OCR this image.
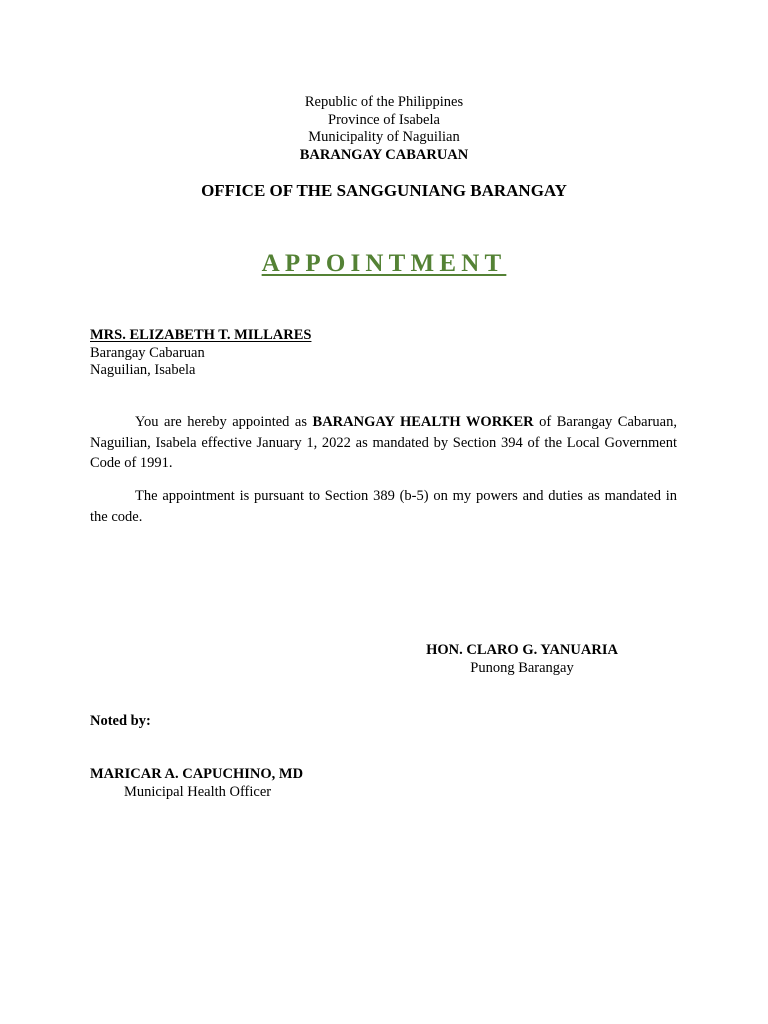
Republic of the Philippines
Province of Isabela
Municipality of Naguilian
BARANGAY CABARUAN
OFFICE OF THE SANGGUNIANG BARANGAY
APPOINTMENT
MRS. ELIZABETH T. MILLARES
Barangay Cabaruan
Naguilian, Isabela
You are hereby appointed as BARANGAY HEALTH WORKER of Barangay Cabaruan, Naguilian, Isabela effective January 1, 2022 as mandated by Section 394 of the Local Government Code of 1991.
The appointment is pursuant to Section 389 (b-5) on my powers and duties as mandated in the code.
HON. CLARO G. YANUARIA
Punong Barangay
Noted by:
MARICAR A. CAPUCHINO, MD
Municipal Health Officer
